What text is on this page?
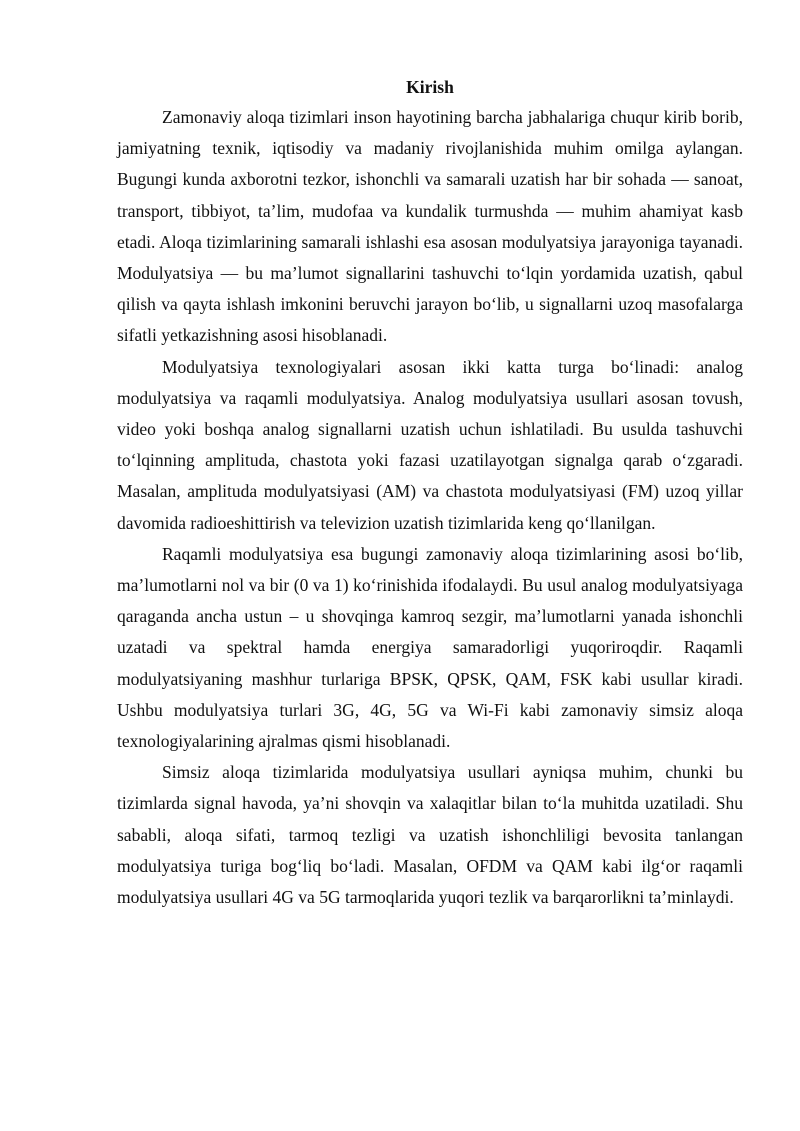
Kirish

Zamonaviy aloqa tizimlari inson hayotining barcha jabhalariga chuqur kirib borib, jamiyatning texnik, iqtisodiy va madaniy rivojlanishida muhim omilga aylangan. Bugungi kunda axborotni tezkor, ishonchli va samarali uzatish har bir sohada — sanoat, transport, tibbiyot, ta’lim, mudofaa va kundalik turmushda — muhim ahamiyat kasb etadi. Aloqa tizimlarining samarali ishlashi esa asosan modulyatsiya jarayoniga tayanadi. Modulyatsiya — bu ma’lumot signallarini tashuvchi to‘lqin yordamida uzatish, qabul qilish va qayta ishlash imkonini beruvchi jarayon bo‘lib, u signallarni uzoq masofalarga sifatli yetkazishning asosi hisoblanadi.

Modulyatsiya texnologiyalari asosan ikki katta turga bo‘linadi: analog modulyatsiya va raqamli modulyatsiya. Analog modulyatsiya usullari asosan tovush, video yoki boshqa analog signallarni uzatish uchun ishlatiladi. Bu usulda tashuvchi to‘lqinning amplituda, chastota yoki fazasi uzatilayotgan signalga qarab o‘zgaradi. Masalan, amplituda modulyatsiyasi (AM) va chastota modulyatsiyasi (FM) uzoq yillar davomida radioeshittirish va televizion uzatish tizimlarida keng qo‘llanilgan.

Raqamli modulyatsiya esa bugungi zamonaviy aloqa tizimlarining asosi bo‘lib, ma’lumotlarni nol va bir (0 va 1) ko‘rinishida ifodalaydi. Bu usul analog modulyatsiyaga qaraganda ancha ustun – u shovqinga kamroq sezgir, ma’lumotlarni yanada ishonchli uzatadi va spektral hamda energiya samaradorligi yuqoriroqdir. Raqamli modulyatsiyaning mashhur turlariga BPSK, QPSK, QAM, FSK kabi usullar kiradi. Ushbu modulyatsiya turlari 3G, 4G, 5G va Wi-Fi kabi zamonaviy simsiz aloqa texnologiyalarining ajralmas qismi hisoblanadi.

Simsiz aloqa tizimlarida modulyatsiya usullari ayniqsa muhim, chunki bu tizimlarda signal havoda, ya’ni shovqin va xalaqitlar bilan to‘la muhitda uzatiladi. Shu sababli, aloqa sifati, tarmoq tezligi va uzatish ishonchliligi bevosita tanlangan modulyatsiya turiga bog‘liq bo‘ladi. Masalan, OFDM va QAM kabi ilg‘or raqamli modulyatsiya usullari 4G va 5G tarmoqlarida yuqori tezlik va barqarorlikni ta’minlaydi.
